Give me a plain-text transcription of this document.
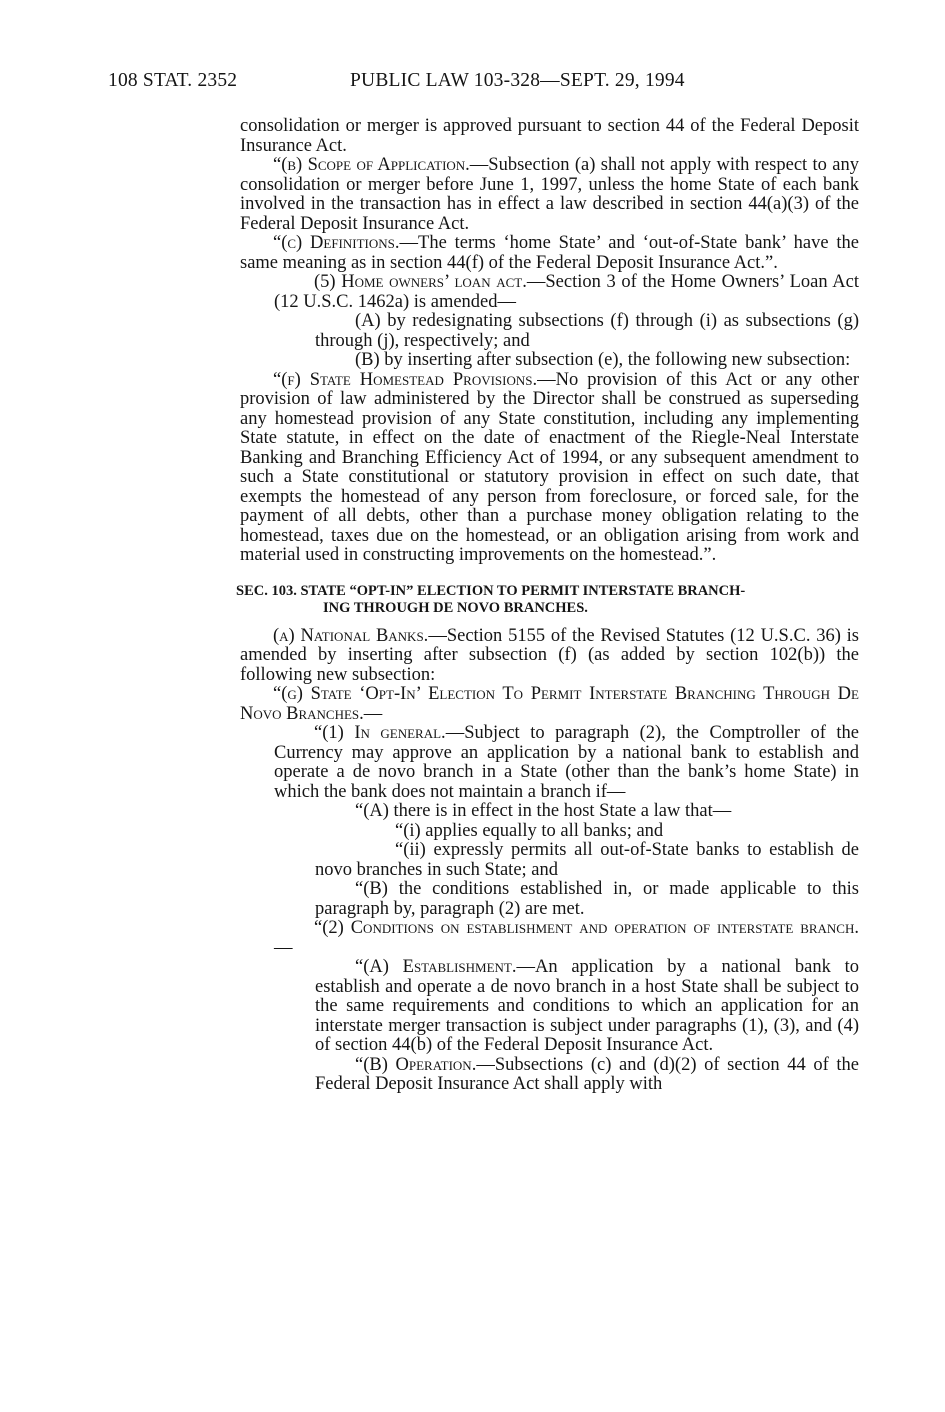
108 STAT. 2352	PUBLIC LAW 103-328—SEPT. 29, 1994

consolidation or merger is approved pursuant to section 44 of the Federal Deposit Insurance Act.

“(b) Scope of Application.—Subsection (a) shall not apply with respect to any consolidation or merger before June 1, 1997, unless the home State of each bank involved in the transaction has in effect a law described in section 44(a)(3) of the Federal Deposit Insurance Act.

“(c) Definitions.—The terms ‘home State’ and ‘out-of-State bank’ have the same meaning as in section 44(f) of the Federal Deposit Insurance Act.”.

(5) Home owners’ loan act.—Section 3 of the Home Owners’ Loan Act (12 U.S.C. 1462a) is amended—

(A) by redesignating subsections (f) through (i) as subsections (g) through (j), respectively; and

(B) by inserting after subsection (e), the following new subsection:

“(f) State Homestead Provisions.—No provision of this Act or any other provision of law administered by the Director shall be construed as superseding any homestead provision of any State constitution, including any implementing State statute, in effect on the date of enactment of the Riegle-Neal Interstate Banking and Branching Efficiency Act of 1994, or any subsequent amendment to such a State constitutional or statutory provision in effect on such date, that exempts the homestead of any person from foreclosure, or forced sale, for the payment of all debts, other than a purchase money obligation relating to the homestead, taxes due on the homestead, or an obligation arising from work and material used in constructing improvements on the homestead.”.

SEC. 103. STATE “OPT-IN” ELECTION TO PERMIT INTERSTATE BRANCH-
ING THROUGH DE NOVO BRANCHES.

(a) National Banks.—Section 5155 of the Revised Statutes (12 U.S.C. 36) is amended by inserting after subsection (f) (as added by section 102(b)) the following new subsection:

“(g) State ‘Opt-In’ Election To Permit Interstate Branching Through De Novo Branches.—

“(1) In general.—Subject to paragraph (2), the Comptroller of the Currency may approve an application by a national bank to establish and operate a de novo branch in a State (other than the bank’s home State) in which the bank does not maintain a branch if—

“(A) there is in effect in the host State a law that—

“(i) applies equally to all banks; and

“(ii) expressly permits all out-of-State banks to establish de novo branches in such State; and

“(B) the conditions established in, or made applicable to this paragraph by, paragraph (2) are met.

“(2) Conditions on establishment and operation of interstate branch.—

“(A) Establishment.—An application by a national bank to establish and operate a de novo branch in a host State shall be subject to the same requirements and conditions to which an application for an interstate merger transaction is subject under paragraphs (1), (3), and (4) of section 44(b) of the Federal Deposit Insurance Act.

“(B) Operation.—Subsections (c) and (d)(2) of section 44 of the Federal Deposit Insurance Act shall apply with
